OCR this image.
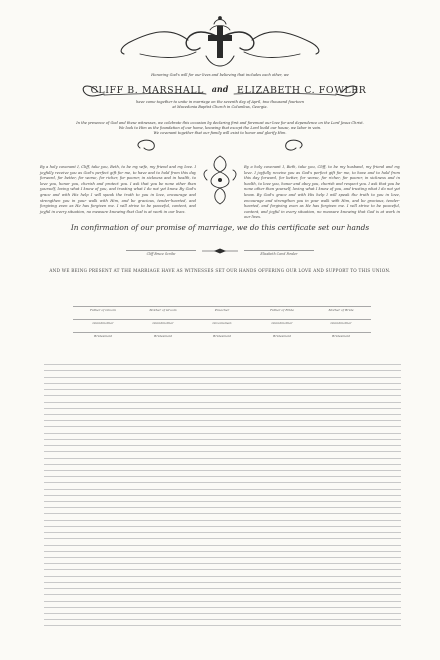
Honoring God's will for our lives and believing that includes each other, we
CLIFF B. MARSHALL and ELIZABETH C. FOWLER
have come together to unite in marriage on the seventh day of April, two thousand fourteen
at Macedonia Baptist Church in Columbus, Georgia.
In the presence of God and these witnesses, we celebrate this occasion by declaring first and foremost our love for and dependence on the Lord Jesus Christ.
We look to Him as the foundation of our home, knowing that except the Lord build our house, we labor in vain.
We covenant together that our family will exist to honor and glorify Him.
By a holy covenant I, Cliff, take you, Beth, to be my wife, my friend and my love. I joyfully receive you as God's perfect gift for me, to have and to hold from this day forward, for better, for worse, for richer, for poorer, in sickness and in health, to love you, honor you, cherish and protect you. I ask that you be none other than yourself, loving what I know of you, and trusting what I do not yet know. By God's grace and with His help I will speak the truth to you in love, encourage and strengthen you in your walk with Him, and be gracious, tender-hearted, and forgiving even as He has forgiven me. I will strive to be peaceful, content, and joyful in every situation, no measure knowing that God is at work in our lives.
By a holy covenant I, Beth, take you, Cliff, to be my husband, my friend and my love. I joyfully receive you as God's perfect gift for me, to have and to hold from this day forward, for better, for worse, for richer, for poorer, in sickness and in health, to love you, honor and obey you, cherish and respect you. I ask that you be none other than yourself, loving what I know of you, and trusting what I do not yet know. By God's grace and with His help I will speak the truth to you in love, encourage and strengthen you in your walk with Him, and be gracious, tender-hearted, and forgiving even as He has forgiven me. I will strive to be peaceful, content, and joyful in every situation, no measure knowing that God is at work in our lives.
In confirmation of our promise of marriage, we do this certificate set our hands
Cliff Bruce Scribe	Elizabeth Carol Fowler
AND WE BEING PRESENT AT THE MARRIAGE HAVE AS WITNESSES SET OUR HANDS OFFERING OUR LOVE AND SUPPORT TO THIS UNION.
Father of Groom
Grandmother
Bridesmaid
Mother of Groom
Grandmother
Bridesmaid
Preacher
Groomsman
Bridesmaid
Father of Bride
Grandmother
Bridesmaid
Mother of Bride
Grandmother
Bridesmaid
